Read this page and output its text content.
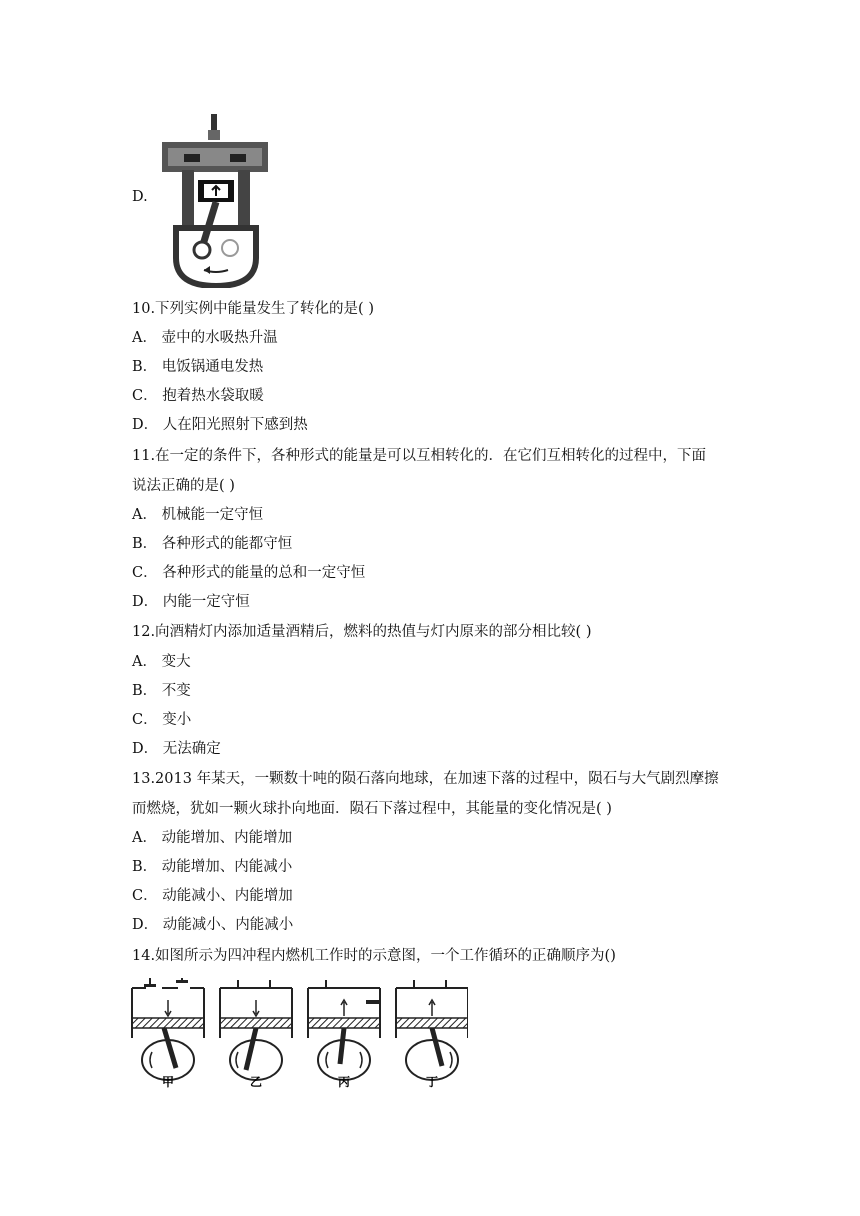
D.
10.下列实例中能量发生了转化的是( )
A． 壶中的水吸热升温
B． 电饭锅通电发热
C． 抱着热水袋取暖
D． 人在阳光照射下感到热
11.在一定的条件下，各种形式的能量是可以互相转化的．在它们互相转化的过程中，下面
说法正确的是( )
A． 机械能一定守恒
B． 各种形式的能都守恒
C． 各种形式的能量的总和一定守恒
D． 内能一定守恒
12.向酒精灯内添加适量酒精后，燃料的热值与灯内原来的部分相比较( )
A． 变大
B． 不变
C． 变小
D． 无法确定
13.2013 年某天，一颗数十吨的陨石落向地球，在加速下落的过程中，陨石与大气剧烈摩擦
而燃烧，犹如一颗火球扑向地面．陨石下落过程中，其能量的变化情况是( )
A． 动能增加、内能增加
B． 动能增加、内能减小
C． 动能减小、内能增加
D． 动能减小、内能减小
14.如图所示为四冲程内燃机工作时的示意图，一个工作循环的正确顺序为()
甲	乙	丙	丁
